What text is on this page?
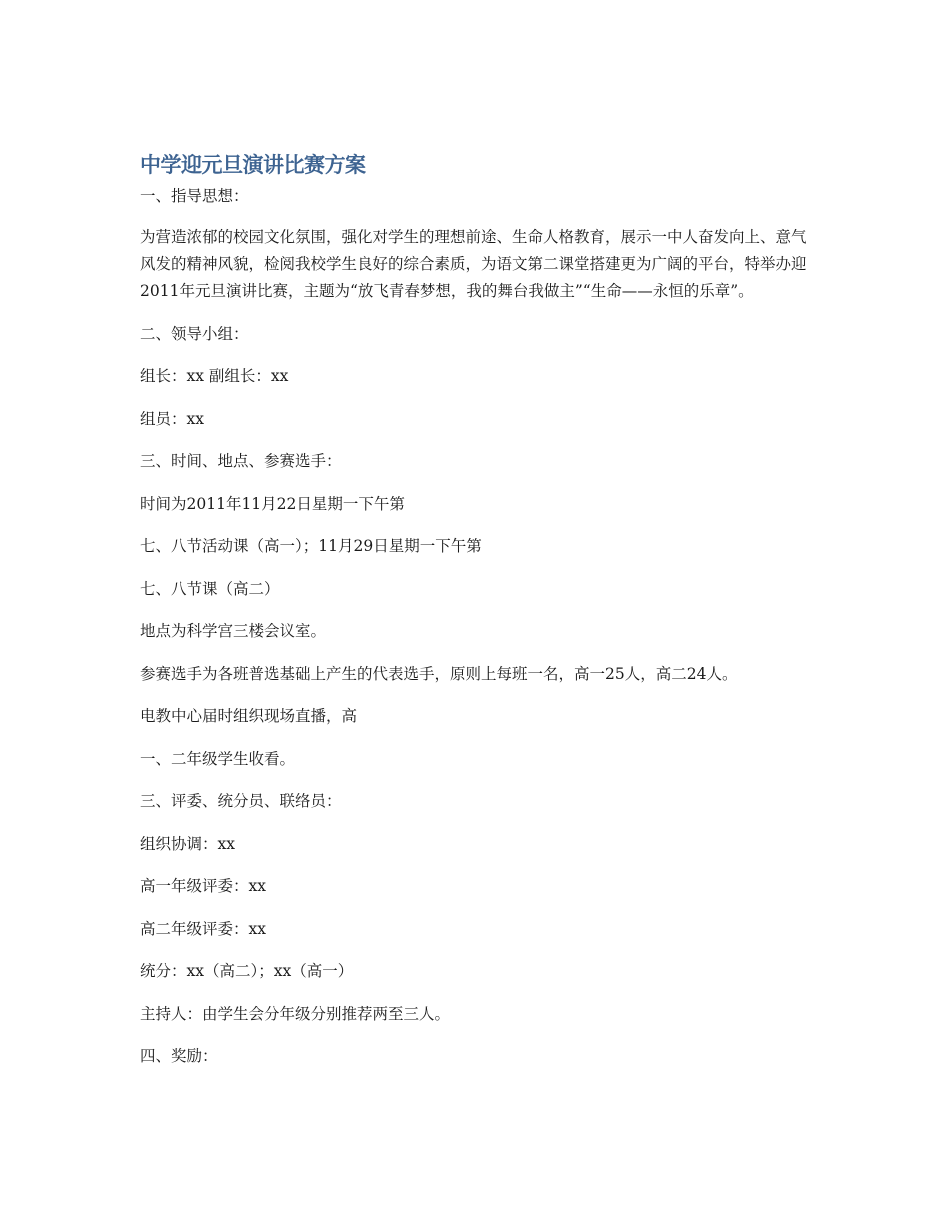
中学迎元旦演讲比赛方案

一、指导思想：

为营造浓郁的校园文化氛围，强化对学生的理想前途、生命人格教育，展示一中人奋发向上、意气风发的精神风貌，检阅我校学生良好的综合素质，为语文第二课堂搭建更为广阔的平台，特举办迎2011年元旦演讲比赛，主题为“放飞青春梦想，我的舞台我做主”“生命——永恒的乐章”。

二、领导小组：

组长：xx 副组长：xx

组员：xx

三、时间、地点、参赛选手：

时间为2011年11月22日星期一下午第

七、八节活动课（高一）；11月29日星期一下午第

七、八节课（高二）

地点为科学宫三楼会议室。

参赛选手为各班普选基础上产生的代表选手，原则上每班一名，高一25人，高二24人。

电教中心届时组织现场直播，高

一、二年级学生收看。

三、评委、统分员、联络员：

组织协调：xx

高一年级评委：xx

高二年级评委：xx

统分：xx（高二）；xx（高一）

主持人：由学生会分年级分别推荐两至三人。

四、奖励：
